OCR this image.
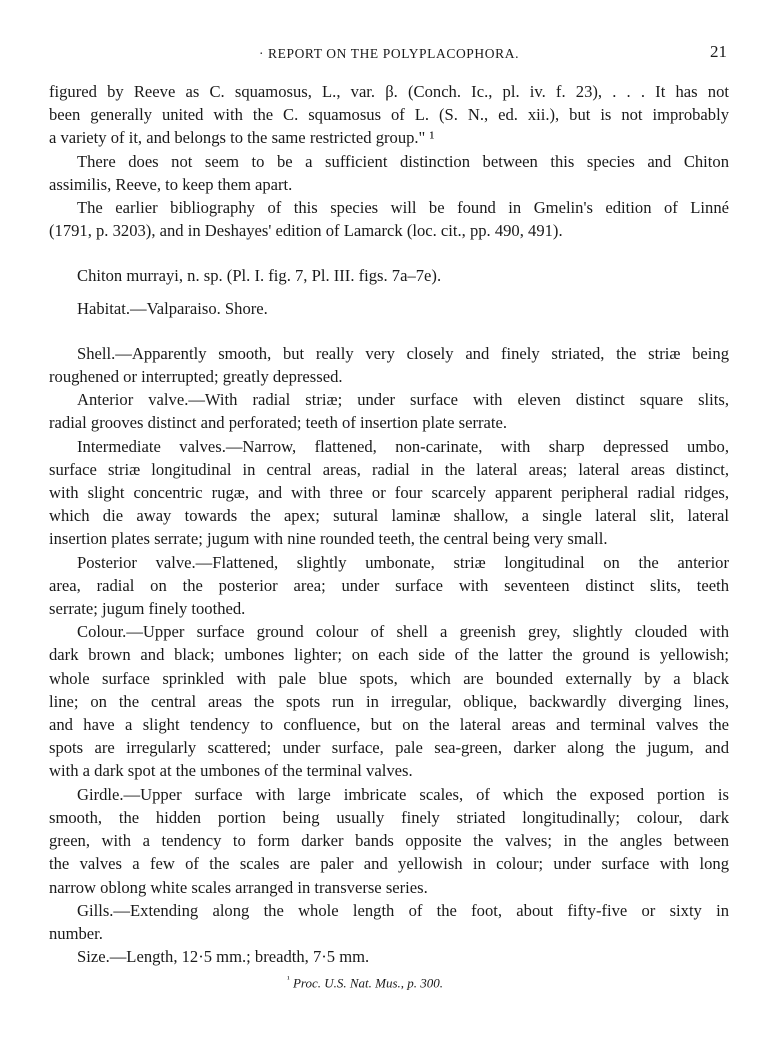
· REPORT ON THE POLYPLACOPHORA.	21
figured by Reeve as C. squamosus, L., var. β. (Conch. Ic., pl. iv. f. 23), . . . It has not
been generally united with the C. squamosus of L. (S. N., ed. xii.), but is not improbably
a variety of it, and belongs to the same restricted group." ¹
There does not seem to be a sufficient distinction between this species and Chiton
assimilis, Reeve, to keep them apart.
The earlier bibliography of this species will be found in Gmelin's edition of Linné
(1791, p. 3203), and in Deshayes' edition of Lamarck (loc. cit., pp. 490, 491).
Chiton murrayi, n. sp. (Pl. I. fig. 7, Pl. III. figs. 7a–7e).
Habitat.—Valparaiso. Shore.
Shell.—Apparently smooth, but really very closely and finely striated, the striæ being
roughened or interrupted; greatly depressed.
Anterior valve.—With radial striæ; under surface with eleven distinct square slits,
radial grooves distinct and perforated; teeth of insertion plate serrate.
Intermediate valves.—Narrow, flattened, non-carinate, with sharp depressed umbo,
surface striæ longitudinal in central areas, radial in the lateral areas; lateral areas distinct,
with slight concentric rugæ, and with three or four scarcely apparent peripheral radial ridges,
which die away towards the apex; sutural laminæ shallow, a single lateral slit, lateral
insertion plates serrate; jugum with nine rounded teeth, the central being very small.
Posterior valve.—Flattened, slightly umbonate, striæ longitudinal on the anterior
area, radial on the posterior area; under surface with seventeen distinct slits, teeth
serrate; jugum finely toothed.
Colour.—Upper surface ground colour of shell a greenish grey, slightly clouded with
dark brown and black; umbones lighter; on each side of the latter the ground is yellowish;
whole surface sprinkled with pale blue spots, which are bounded externally by a black
line; on the central areas the spots run in irregular, oblique, backwardly diverging lines,
and have a slight tendency to confluence, but on the lateral areas and terminal valves the
spots are irregularly scattered; under surface, pale sea-green, darker along the jugum, and
with a dark spot at the umbones of the terminal valves.
Girdle.—Upper surface with large imbricate scales, of which the exposed portion is
smooth, the hidden portion being usually finely striated longitudinally; colour, dark
green, with a tendency to form darker bands opposite the valves; in the angles between
the valves a few of the scales are paler and yellowish in colour; under surface with long
narrow oblong white scales arranged in transverse series.
Gills.—Extending along the whole length of the foot, about fifty-five or sixty in
number.
Size.—Length, 12·5 mm.; breadth, 7·5 mm.
$^{^1}$ Proc. U.S. Nat. Mus., p. 300.
